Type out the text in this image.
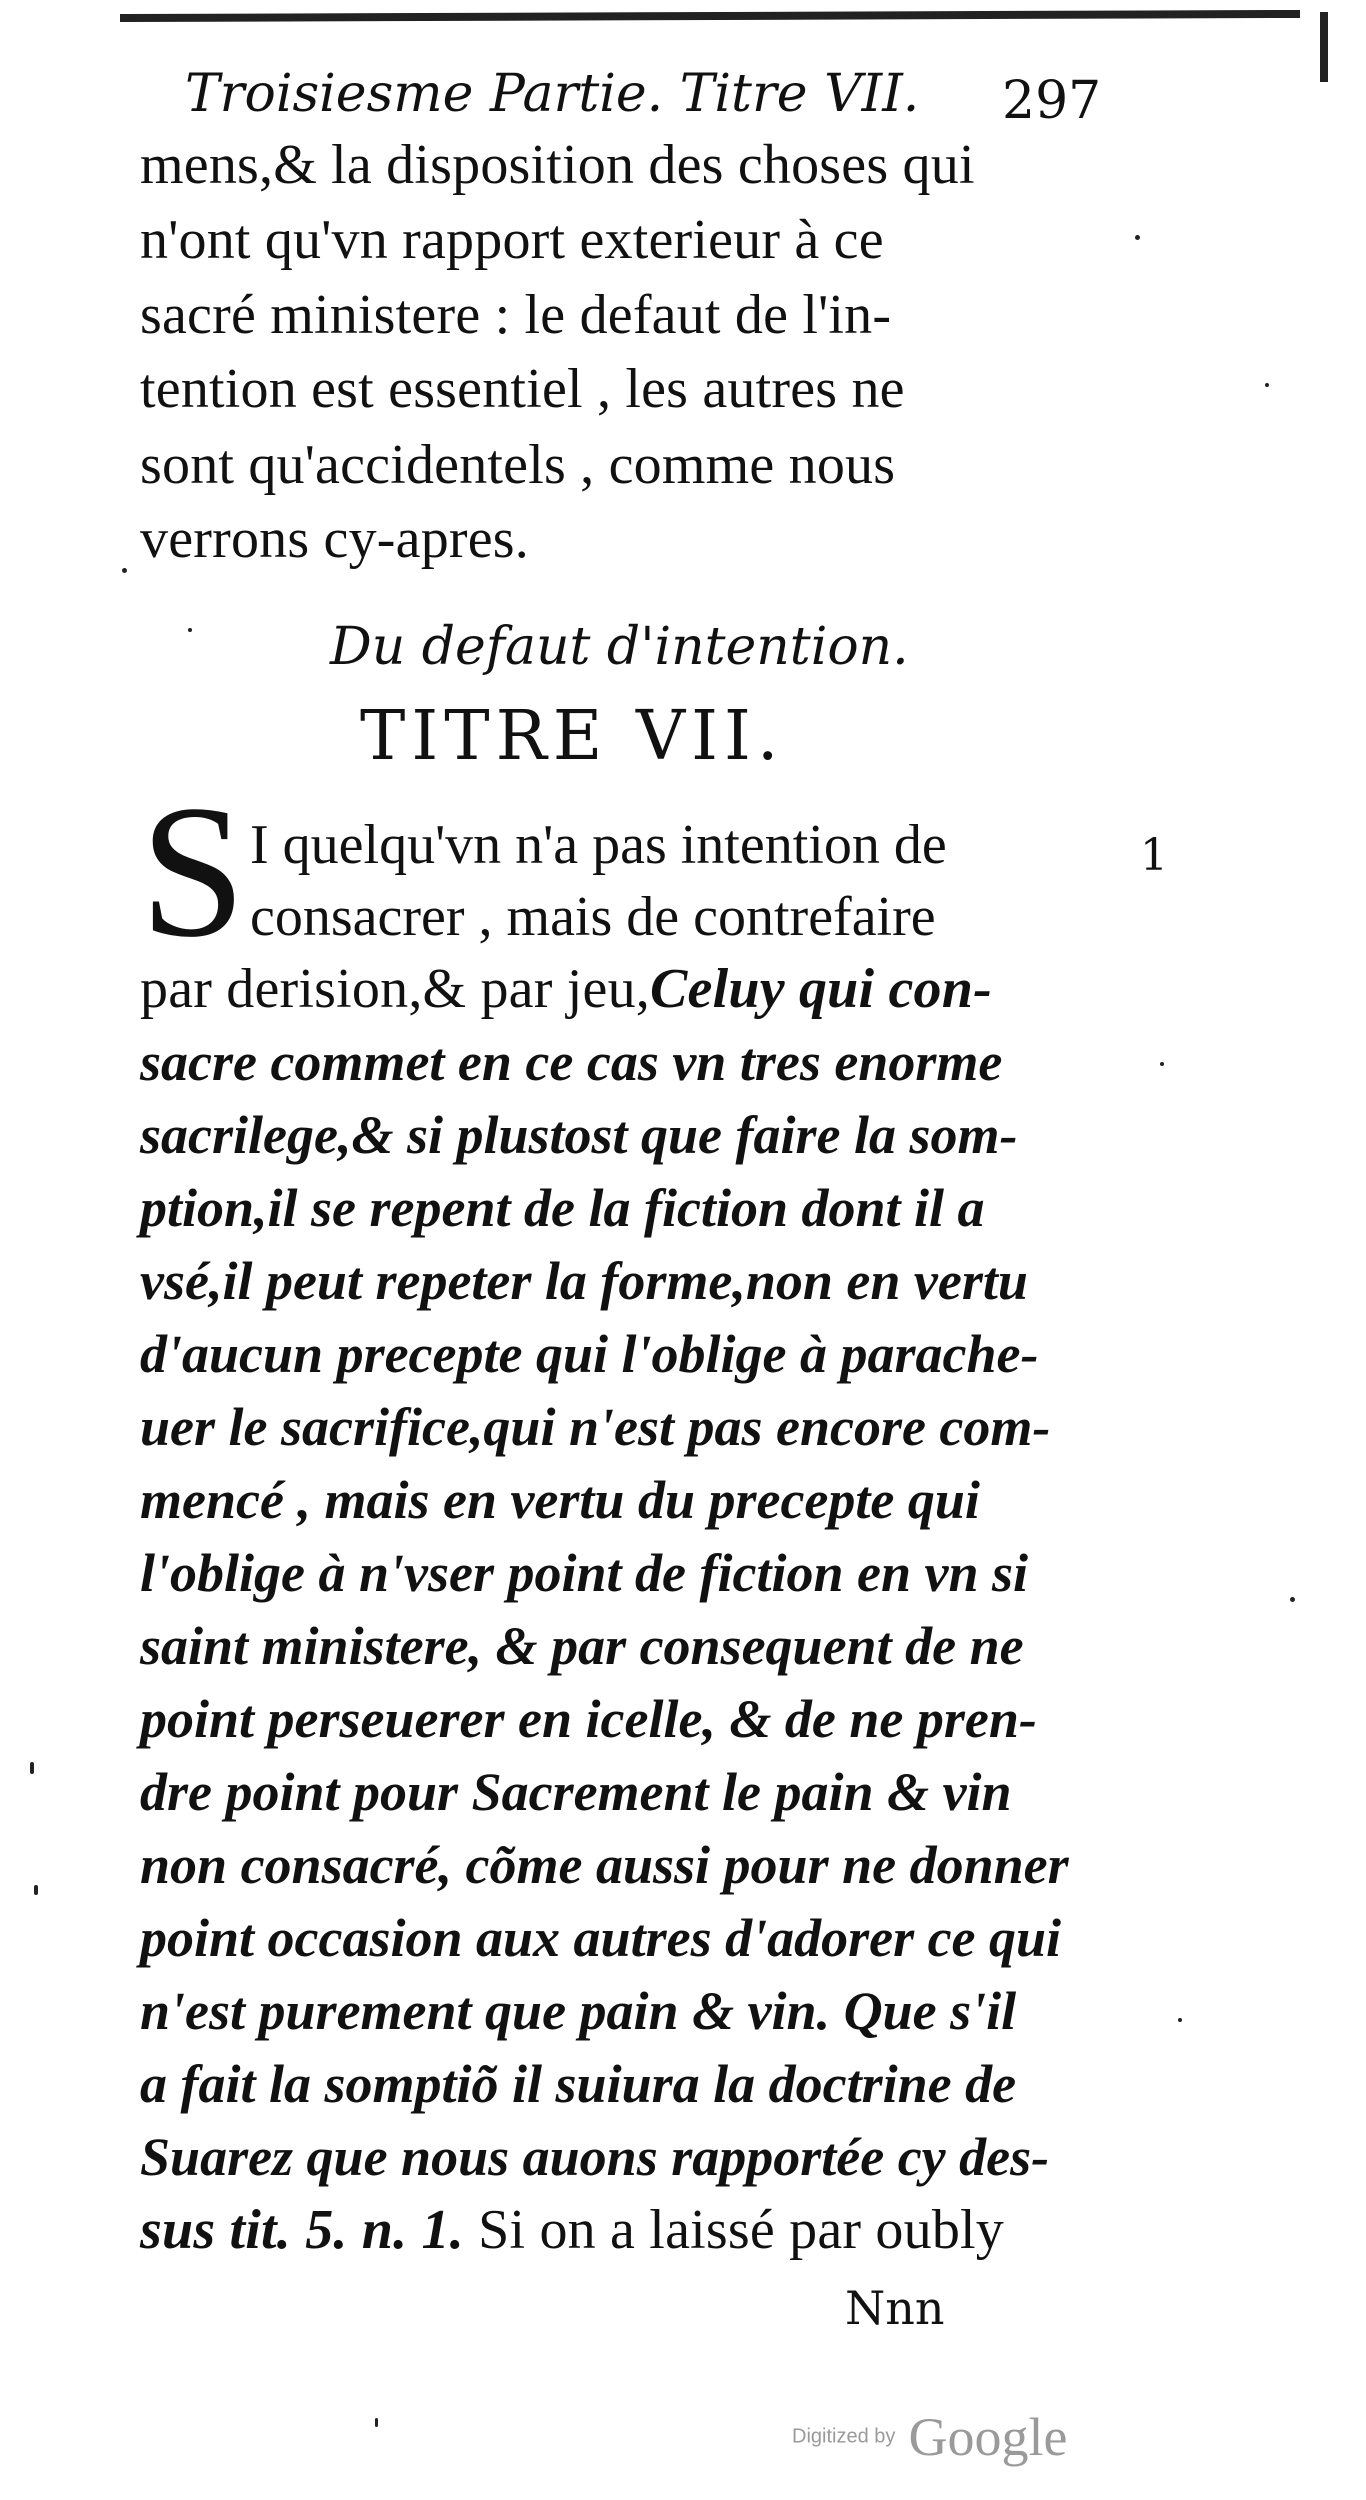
Troisiesme Partie. Titre VII.	297
mens,& la disposition des choses qui
n'ont qu'vn rapport exterieur à ce
sacré ministere : le defaut de l'in-
tention est essentiel , les autres ne
sont qu'accidentels , comme nous
verrons cy-apres.
Du defaut d'intention.
TITRE VII.
S I quelqu'vn n'a pas intention de	1
consacrer , mais de contrefaire
par derision,& par jeu,Celuy qui con-
sacre commet en ce cas vn tres enorme
sacrilege,& si plustost que faire la som-
ption,il se repent de la fiction dont il a
vsé,il peut repeter la forme,non en vertu
d'aucun precepte qui l'oblige à parache-
uer le sacrifice,qui n'est pas encore com-
mencé , mais en vertu du precepte qui
l'oblige à n'vser point de fiction en vn si
saint ministere, & par consequent de ne
point perseuerer en icelle, & de ne pren-
dre point pour Sacrement le pain & vin
non consacré, cõme aussi pour ne donner
point occasion aux autres d'adorer ce qui
n'est purement que pain & vin. Que s'il
a fait la somptiõ il suiura la doctrine de
Suarez que nous auons rapportée cy des-
sus tit. 5. n. 1. Si on a laissé par oubly
Nnn
Digitized by Google
